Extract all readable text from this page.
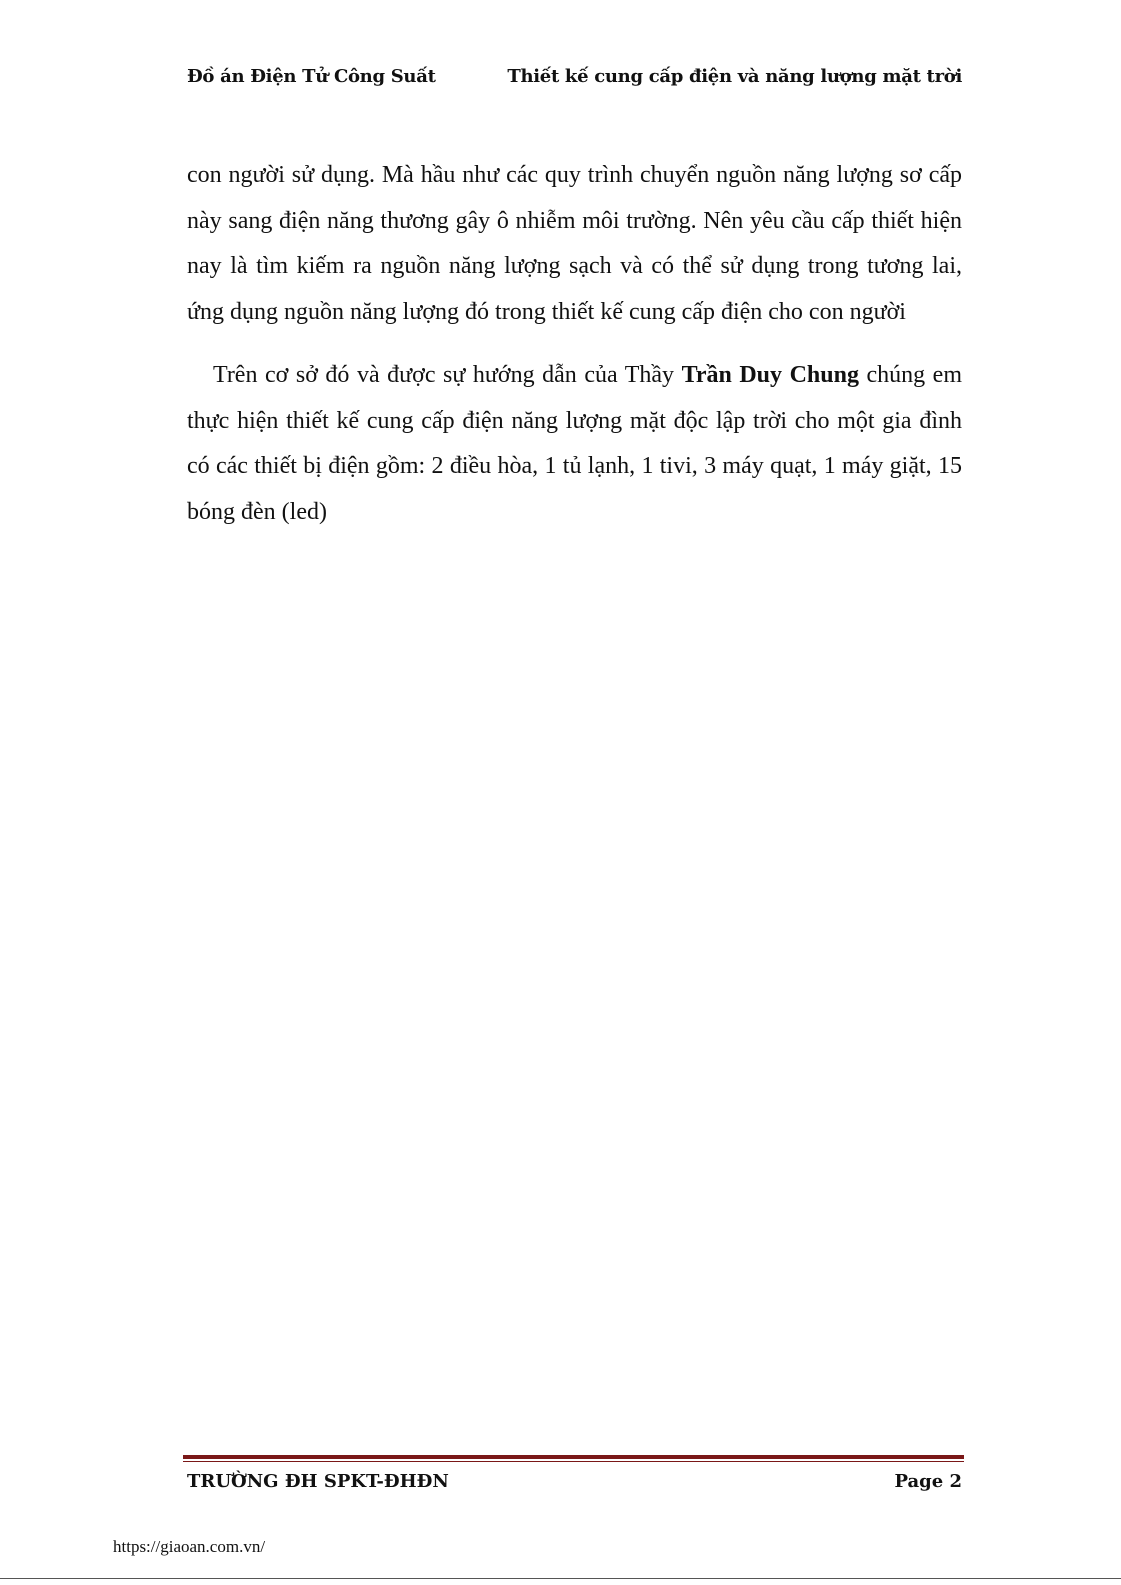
Đồ án Điện Tử Công Suất	Thiết kế cung cấp điện và năng lượng mặt trời

con người sử dụng. Mà hầu như các quy trình chuyển nguồn năng lượng sơ cấp này sang điện năng thương gây ô nhiễm môi trường. Nên yêu cầu cấp thiết hiện nay là tìm kiếm ra nguồn năng lượng sạch và có thể sử dụng trong tương lai, ứng dụng nguồn năng lượng đó trong thiết kế cung cấp điện cho con người

Trên cơ sở đó và được sự hướng dẫn của Thầy Trần Duy Chung chúng em thực hiện thiết kế cung cấp điện năng lượng mặt độc lập trời cho một gia đình có các thiết bị điện gồm: 2 điều hòa, 1 tủ lạnh, 1 tivi, 3 máy quạt, 1 máy giặt, 15 bóng đèn (led)

TRƯỜNG ĐH SPKT-ĐHĐN	Page 2
https://giaoan.com.vn/
